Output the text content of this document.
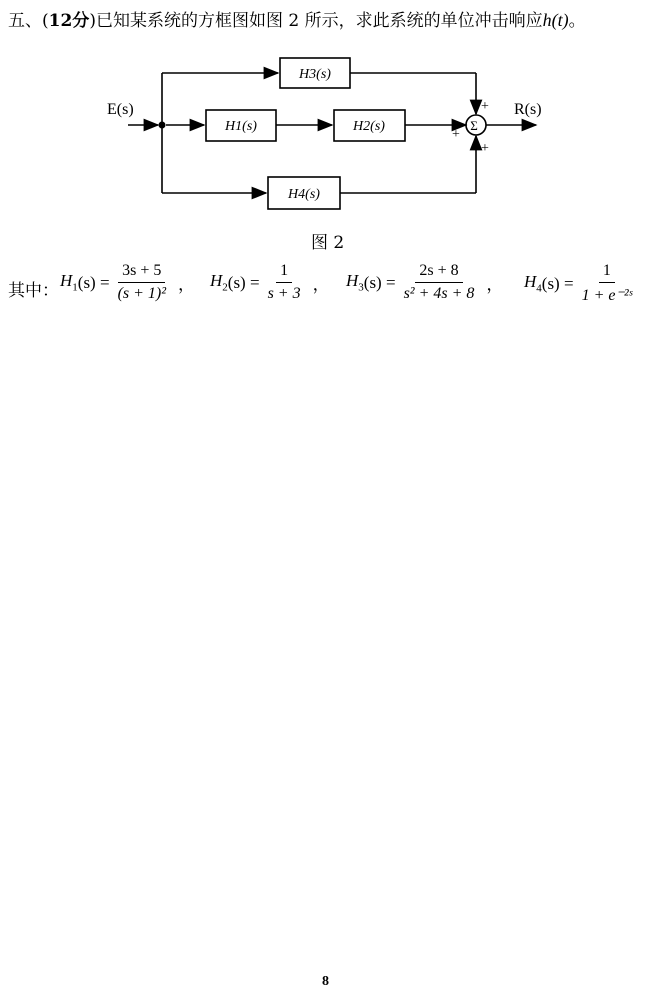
五、(12分)已知某系统的方框图如图 2 所示，求此系统的单位冲击响应h(t)。
Σ
E(s)	R(s)
H3(s)
H1(s)	H2(s)
H4(s)
+
+
+
图 2
其中：
$H_1$ $(s) = \frac{3s + 5}{\text{(s + 1)²}}$ ， $H_2$ $(s) = \frac{1}{s + 3}$ ， $H_3$ $(s) = \frac{2s + 8}{\text{s² + 4s + 8}}$ ， $H_4$ $(s) = \frac{1}{\text{1 + e⁻²ˢ}}$
8
